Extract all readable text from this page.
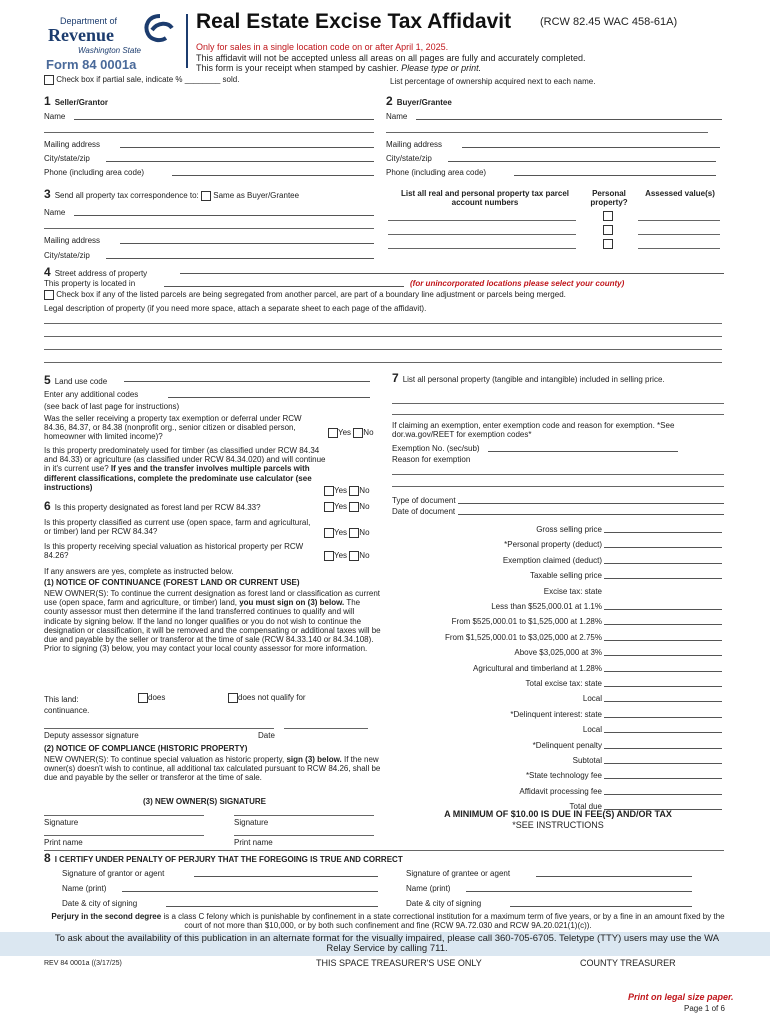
Department of
Revenue
Washington State
Form 84 0001a
Real Estate Excise Tax Affidavit	(RCW 82.45 WAC 458-61A)
Only for sales in a single location code on or after April 1, 2025.
This affidavit will not be accepted unless all areas on all pages are fully and accurately completed.
This form is your receipt when stamped by cashier. Please type or print.
Check box if partial sale, indicate % ________ sold.	List percentage of ownership acquired next to each name.
1 Seller/Grantor
Name
Mailing address
City/state/zip
Phone (including area code)
2 Buyer/Grantee
Name
Mailing address
City/state/zip
Phone (including area code)
3 Send all property tax correspondence to: Same as Buyer/Grantee
Name
Mailing address
City/state/zip
List all real and personal property tax parcel account numbers
Personal property?
Assessed value(s)
4 Street address of property
This property is located in	(for unincorporated locations please select your county)
Check box if any of the listed parcels are being segregated from another parcel, are part of a boundary line adjustment or parcels being merged.
Legal description of property (if you need more space, attach a separate sheet to each page of the affidavit).
5 Land use code
Enter any additional codes
(see back of last page for instructions)
Was the seller receiving a property tax exemption or deferral under RCW 84.36, 84.37, or 84.38 (nonprofit org., senior citizen or disabled person, homeowner with limited income)?	Yes No
Is this property predominately used for timber (as classified under RCW 84.34 and 84.33) or agriculture (as classified under RCW 84.34.020) and will continue in it's current use? If yes and the transfer involves multiple parcels with different classifications, complete the predominate use calculator (see instructions)	Yes No
6 Is this property designated as forest land per RCW 84.33?	Yes No
Is this property classified as current use (open space, farm and agricultural, or timber) land per RCW 84.34?	Yes No
Is this property receiving special valuation as historical property per RCW 84.26?	Yes No
If any answers are yes, complete as instructed below.
(1) NOTICE OF CONTINUANCE (FOREST LAND OR CURRENT USE)
NEW OWNER(S): To continue the current designation as forest land or classification as current use (open space, farm and agriculture, or timber) land, you must sign on (3) below. The county assessor must then determine if the land transferred continues to qualify and will indicate by signing below. If the land no longer qualifies or you do not wish to continue the designation or classification, it will be removed and the compensating or additional taxes will be due and payable by the seller or transferor at the time of sale (RCW 84.33.140 or 84.34.108). Prior to signing (3) below, you may contact your local county assessor for more information.
This land:	does	does not qualify for
continuance.
Deputy assessor signature	Date
(2) NOTICE OF COMPLIANCE (HISTORIC PROPERTY)
NEW OWNER(S): To continue special valuation as historic property, sign (3) below. If the new owner(s) doesn't wish to continue, all additional tax calculated pursuant to RCW 84.26, shall be due and payable by the seller or transferor at the time of sale.
(3) NEW OWNER(S) SIGNATURE
Signature	Signature
Print name	Print name
7 List all personal property (tangible and intangible) included in selling price.
If claiming an exemption, enter exemption code and reason for exemption. *See dor.wa.gov/REET for exemption codes*
Exemption No. (sec/sub)
Reason for exemption
Type of document
Date of document
Gross selling price
*Personal property (deduct)
Exemption claimed (deduct)
Taxable selling price
Excise tax: state
Less than $525,000.01 at 1.1%
From $525,000.01 to $1,525,000 at 1.28%
From $1,525,000.01 to $3,025,000 at 2.75%
Above $3,025,000 at 3%
Agricultural and timberland at 1.28%
Total excise tax: state
Local
*Delinquent interest: state
Local
*Delinquent penalty
Subtotal
*State technology fee
Affidavit processing fee
Total due
A MINIMUM OF $10.00 IS DUE IN FEE(S) AND/OR TAX
*SEE INSTRUCTIONS
8 I CERTIFY UNDER PENALTY OF PERJURY THAT THE FOREGOING IS TRUE AND CORRECT
Signature of grantor or agent	Signature of grantee or agent
Name (print)	Name (print)
Date & city of signing	Date & city of signing
Perjury in the second degree is a class C felony which is punishable by confinement in a state correctional institution for a maximum term of five years, or by a fine in an amount fixed by the court of not more than $10,000, or by both such confinement and fine (RCW 9A.72.030 and RCW 9A.20.021(1)(c)).
To ask about the availability of this publication in an alternate format for the visually impaired, please call 360-705-6705. Teletype (TTY) users may use the WA Relay Service by calling 711.
REV 84 0001a ((3/17/25)	THIS SPACE TREASURER'S USE ONLY	COUNTY TREASURER
Print on legal size paper.
Page 1 of 6
